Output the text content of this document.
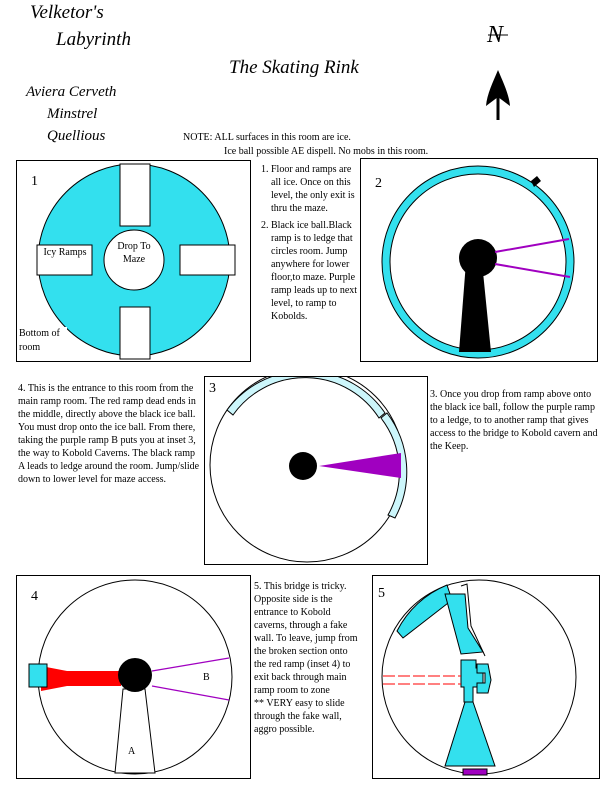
Velketor's
Labyrinth
The Skating Rink
Aviera Cerveth
Minstrel
Quellious	NOTE: ALL surfaces in this room are ice.
Ice ball possible AE dispell. No mobs in this room.
N
1
Icy Ramps
Drop To Maze
Bottom of room
1. Floor and ramps are all ice. Once on this level, the only exit is thru the maze.
2. Black ice ball.Black ramp is to ledge that circles room. Jump anywhere for lower floor,to maze. Purple ramp leads up to next level, to ramp to Kobolds.
2
4. This is the entrance to this room from the main ramp room. The red ramp dead ends in the middle, directly above the black ice ball. You must drop onto the ice ball. From there, taking the purple ramp B puts you at inset 3, the way to Kobold Caverns. The black ramp A leads to ledge around the room. Jump/slide down to lower level for maze access.
3	3. Once you drop from ramp above onto the black ice ball, follow the purple ramp to a ledge, to to another ramp that gives access to the bridge to Kobold cavern and the Keep.
4
A
B
5. This bridge is tricky. Opposite side is the entrance to Kobold caverns, through a fake wall. To leave, jump from the broken section onto the red ramp (inset 4) to exit back through main ramp room to zone
** VERY easy to slide through the fake wall, aggro possible.
5
